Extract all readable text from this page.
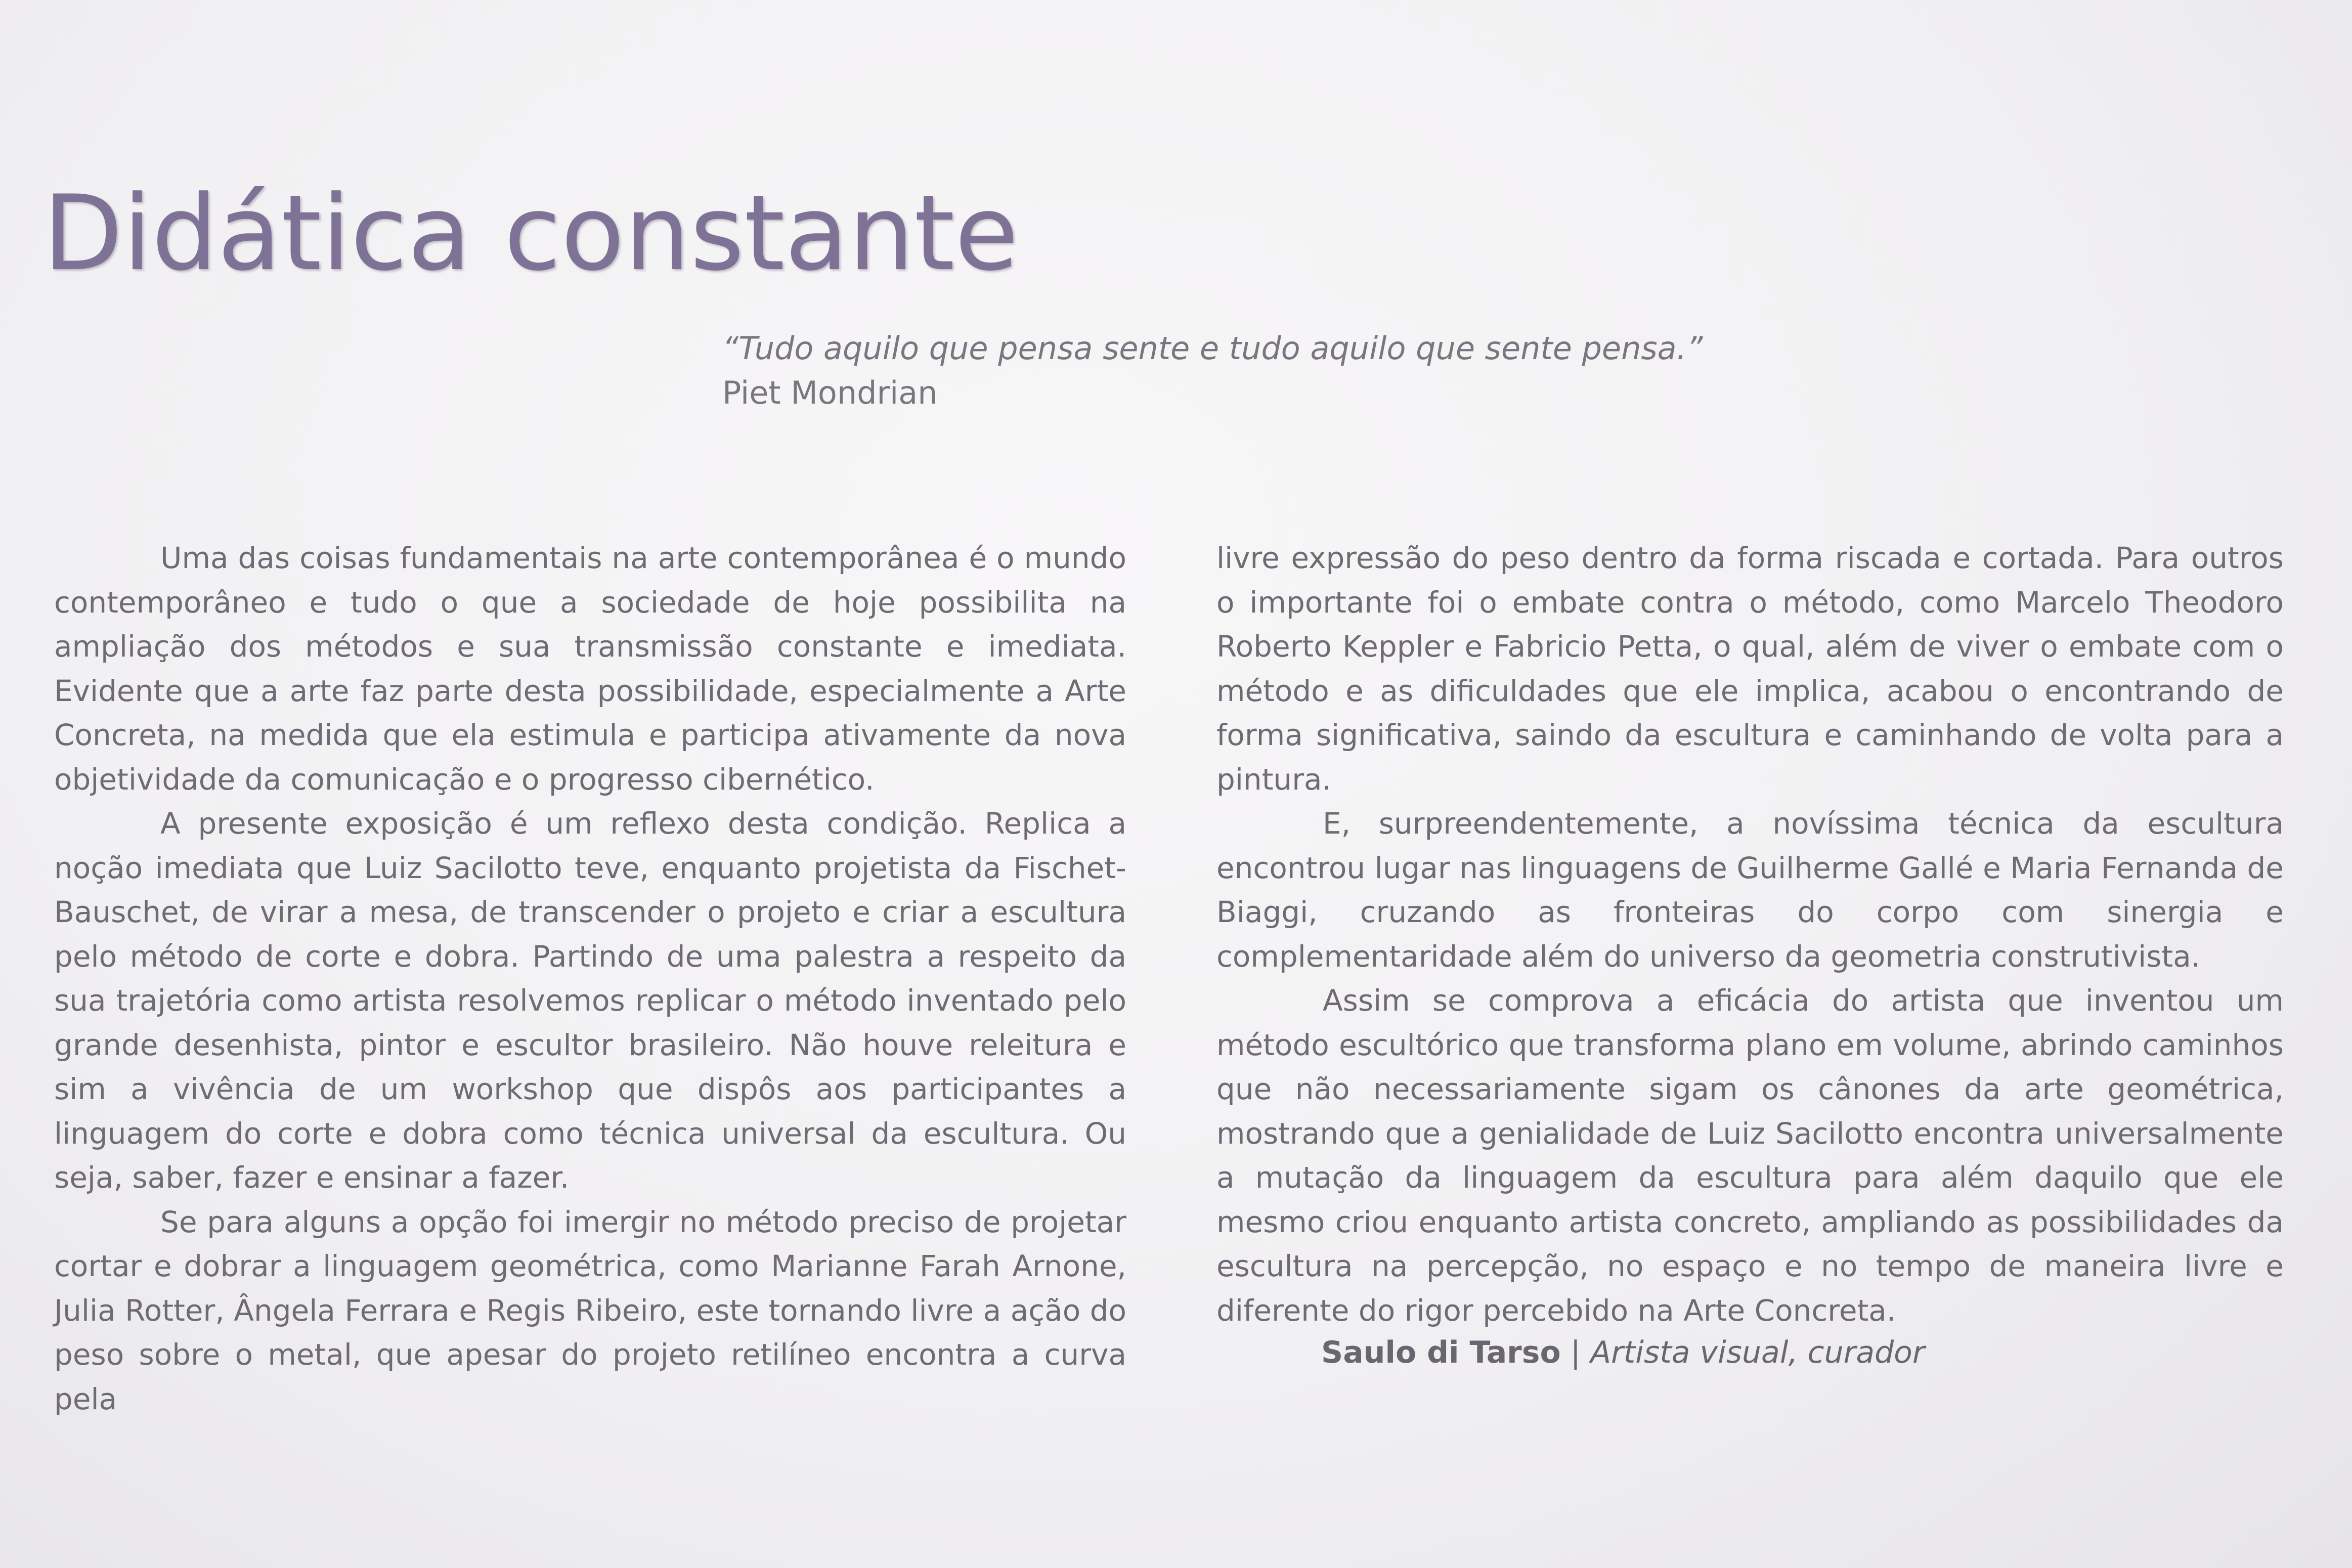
Didática constante
“Tudo aquilo que pensa sente e tudo aquilo que sente pensa.”
Piet Mondrian

Uma das coisas fundamentais na arte contemporânea é o mundo contemporâneo e tudo o que a sociedade de hoje possibilita na ampliação dos métodos e sua transmissão constante e imediata. Evidente que a arte faz parte desta possibilidade, especialmente a Arte Concreta, na medida que ela estimula e participa ativamente da nova objetividade da comunicação e o progresso cibernético.

A presente exposição é um reflexo desta condição. Replica a noção imediata que Luiz Sacilotto teve, enquanto projetista da Fischet-Bauschet, de virar a mesa, de transcender o projeto e criar a escultura pelo método de corte e dobra. Partindo de uma palestra a respeito da sua trajetória como artista resolvemos replicar o método inventado pelo grande desenhista, pintor e escultor brasileiro. Não houve releitura e sim a vivência de um workshop que dispôs aos participantes a linguagem do corte e dobra como técnica universal da escultura. Ou seja, saber, fazer e ensinar a fazer.

Se para alguns a opção foi imergir no método preciso de projetar cortar e dobrar a linguagem geométrica, como Marianne Farah Arnone, Julia Rotter, Ângela Ferrara e Regis Ribeiro, este tornando livre a ação do peso sobre o metal, que apesar do projeto retilíneo encontra a curva pela

livre expressão do peso dentro da forma riscada e cortada. Para outros o importante foi o embate contra o método, como Marcelo Theodoro Roberto Keppler e Fabricio Petta, o qual, além de viver o embate com o método e as dificuldades que ele implica, acabou o encontrando de forma significativa, saindo da escultura e caminhando de volta para a pintura.

E, surpreendentemente, a novíssima técnica da escultura encontrou lugar nas linguagens de Guilherme Gallé e Maria Fernanda de Biaggi, cruzando as fronteiras do corpo com sinergia e complementaridade além do universo da geometria construtivista.

Assim se comprova a eficácia do artista que inventou um método escultórico que transforma plano em volume, abrindo caminhos que não necessariamente sigam os cânones da arte geométrica, mostrando que a genialidade de Luiz Sacilotto encontra universalmente a mutação da linguagem da escultura para além daquilo que ele mesmo criou enquanto artista concreto, ampliando as possibilidades da escultura na percepção, no espaço e no tempo de maneira livre e diferente do rigor percebido na Arte Concreta.

Saulo di Tarso | Artista visual, curador
